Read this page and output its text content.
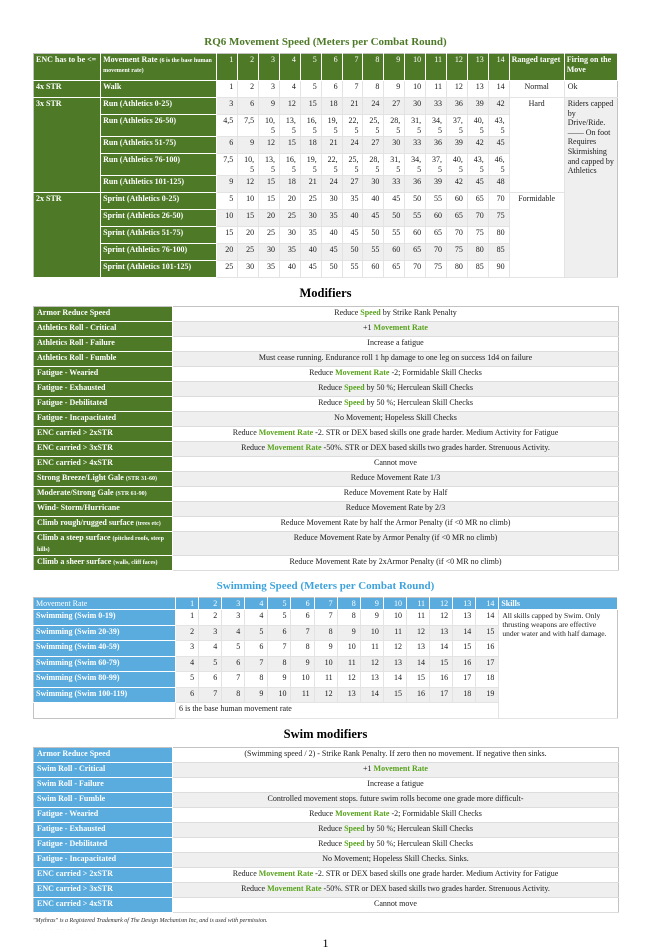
RQ6 Movement Speed (Meters per Combat Round)
ENC has to be <=	Movement Rate (6 is the base human movement rate)	1	2	3	4	5	6	7	8	9	10	11	12	13	14	Ranged target	Firing on the Move
4x STR	Walk	1	2	3	4	5	6	7	8	9	10	11	12	13	14	Normal	Ok
3x STR	Run (Athletics 0-25)	3	6	9	12	15	18	21	24	27	30	33	36	39	42	Hard	Riders capped by Drive/Ride. —— On foot Requires Skirmishing and capped by Athletics
	Run (Athletics 26-50)	4,5	7,5	10,5	13,5	16,5	19,5	22,5	25,5	28,5	31,5	34,5	37,5	40,5	43,5		
	Run (Athletics 51-75)	6	9	12	15	18	21	24	27	30	33	36	39	42	45		
	Run (Athletics 76-100)	7,5	10,5	13,5	16,5	19,5	22,5	25,5	28,5	31,5	34,5	37,5	40,5	43,5	46,5		
	Run (Athletics 101-125)	9	12	15	18	21	24	27	30	33	36	39	42	45	48		
2x STR	Sprint (Athletics 0-25)	5	10	15	20	25	30	35	40	45	50	55	60	65	70	Formidable	
	Sprint (Athletics 26-50)	10	15	20	25	30	35	40	45	50	55	60	65	70	75		
	Sprint (Athletics 51-75)	15	20	25	30	35	40	45	50	55	60	65	70	75	80		
	Sprint (Athletics 76-100)	20	25	30	35	40	45	50	55	60	65	70	75	80	85		
	Sprint (Athletics 101-125)	25	30	35	40	45	50	55	60	65	70	75	80	85	90		
Modifiers
Armor Reduce Speed	Reduce Speed by Strike Rank Penalty
Athletics Roll - Critical	+1 Movement Rate
Athletics Roll - Failure	Increase a fatigue
Athletics Roll - Fumble	Must cease running. Endurance roll 1 hp damage to one leg on success 1d4 on failure
Fatigue - Wearied	Reduce Movement Rate -2; Formidable Skill Checks
Fatigue - Exhausted	Reduce Speed by 50 %; Herculean Skill Checks
Fatigue - Debilitated	Reduce Speed by 50 %; Herculean Skill Checks
Fatigue - Incapacitated	No Movement; Hopeless Skill Checks
ENC carried > 2xSTR	Reduce Movement Rate -2. STR or DEX based skills one grade harder. Medium Activity for Fatigue
ENC carried > 3xSTR	Reduce Movement Rate -50%. STR or DEX based skills two grades harder. Strenuous Activity.
ENC carried > 4xSTR	Cannot move
Strong Breeze/Light Gale (STR 31-60)	Reduce Movement Rate 1/3
Moderate/Strong Gale (STR 61-90)	Reduce Movement Rate by Half
Wind- Storm/Hurricane	Reduce Movement Rate by 2/3
Climb rough/rugged surface (trees etc)	Reduce Movement Rate by half the Armor Penalty (if <0 MR no climb)
Climb a steep surface (pitched roofs, steep hills)	Reduce Movement Rate by Armor Penalty (if <0 MR no climb)
Climb a sheer surface (walls, cliff faces)	Reduce Movement Rate by 2xArmor Penalty (if <0 MR no climb)
Swimming Speed (Meters per Combat Round)
Movement Rate	1	2	3	4	5	6	7	8	9	10	11	12	13	14	Skills
Swimming (Swim 0-19)	1	2	3	4	5	6	7	8	9	10	11	12	13	14	All skills capped by Swim. Only thrusting weapons are effective under water and with half damage.
Swimming (Swim 20-39)	2	3	4	5	6	7	8	9	10	11	12	13	14	15	
Swimming (Swim 40-59)	3	4	5	6	7	8	9	10	11	12	13	14	15	16	
Swimming (Swim 60-79)	4	5	6	7	8	9	10	11	12	13	14	15	16	17	
Swimming (Swim 80-99)	5	6	7	8	9	10	11	12	13	14	15	16	17	18	
Swimming (Swim 100-119)	6	7	8	9	10	11	12	13	14	15	16	17	18	19	
	6 is the base human movement rate														
Swim modifiers
Armor Reduce Speed	(Swimming speed / 2) - Strike Rank Penalty. If zero then no movement. If negative then sinks.
Swim Roll - Critical	+1 Movement Rate
Swim Roll - Failure	Increase a fatigue
Swim Roll - Fumble	Controlled movement stops. future swim rolls become one grade more difficult-
Fatigue - Wearied	Reduce Movement Rate -2; Formidable Skill Checks
Fatigue - Exhausted	Reduce Speed by 50 %; Herculean Skill Checks
Fatigue - Debilitated	Reduce Speed by 50 %; Herculean Skill Checks
Fatigue - Incapacitated	No Movement; Hopeless Skill Checks. Sinks.
ENC carried > 2xSTR	Reduce Movement Rate -2. STR or DEX based skills one grade harder. Medium Activity for Fatigue
ENC carried > 3xSTR	Reduce Movement Rate -50%. STR or DEX based skills two grades harder. Strenuous Activity.
ENC carried > 4xSTR	Cannot move
"Mythras" is a Registered Trademark of The Design Mechanism Inc, and is used with permission.
· ·· · · ·· · ·· ··· · ··
1
